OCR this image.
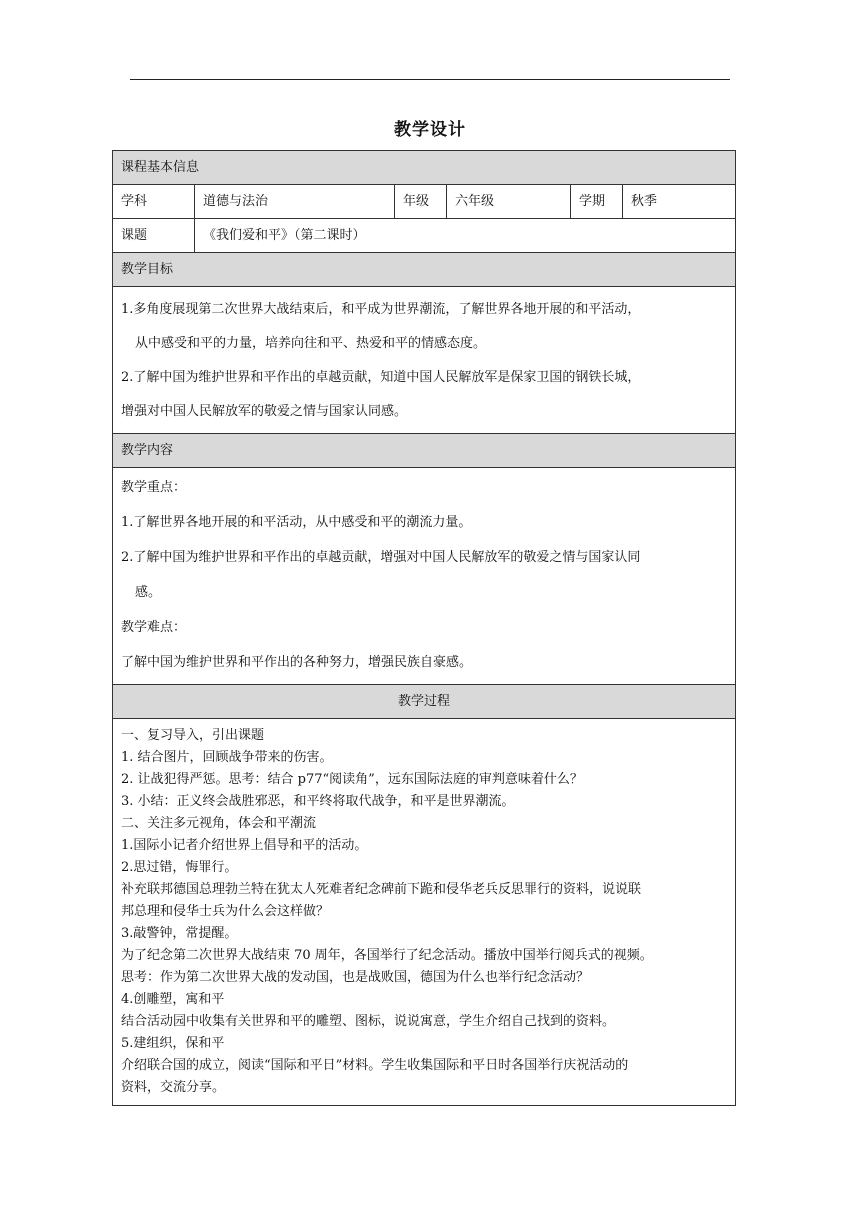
教学设计
课程基本信息
学科	道德与法治	年级	六年级	学期	秋季
课题	《我们爱和平》（第二课时）
教学目标

1.多角度展现第二次世界大战结束后，和平成为世界潮流，了解世界各地开展的和平活动，

从中感受和平的力量，培养向往和平、热爱和平的情感态度。

2.了解中国为维护世界和平作出的卓越贡献，知道中国人民解放军是保家卫国的钢铁长城，

增强对中国人民解放军的敬爱之情与国家认同感。

教学内容

教学重点：

1.了解世界各地开展的和平活动，从中感受和平的潮流力量。

2.了解中国为维护世界和平作出的卓越贡献，增强对中国人民解放军的敬爱之情与国家认同

感。

教学难点：

了解中国为维护世界和平作出的各种努力，增强民族自豪感。

教学过程

一、复习导入，引出课题

1. 结合图片，回顾战争带来的伤害。

2. 让战犯得严惩。思考：结合 p77“阅读角”，远东国际法庭的审判意味着什么？

3. 小结：正义终会战胜邪恶，和平终将取代战争，和平是世界潮流。

二、关注多元视角，体会和平潮流

1.国际小记者介绍世界上倡导和平的活动。

2.思过错，悔罪行。

补充联邦德国总理勃兰特在犹太人死难者纪念碑前下跪和侵华老兵反思罪行的资料，说说联

邦总理和侵华士兵为什么会这样做？

3.敲警钟，常提醒。

为了纪念第二次世界大战结束 70 周年，各国举行了纪念活动。播放中国举行阅兵式的视频。

思考：作为第二次世界大战的发动国，也是战败国，德国为什么也举行纪念活动？

4.创雕塑，寓和平

结合活动园中收集有关世界和平的雕塑、图标，说说寓意，学生介绍自己找到的资料。

5.建组织，保和平

介绍联合国的成立，阅读“国际和平日”材料。学生收集国际和平日时各国举行庆祝活动的

资料，交流分享。
